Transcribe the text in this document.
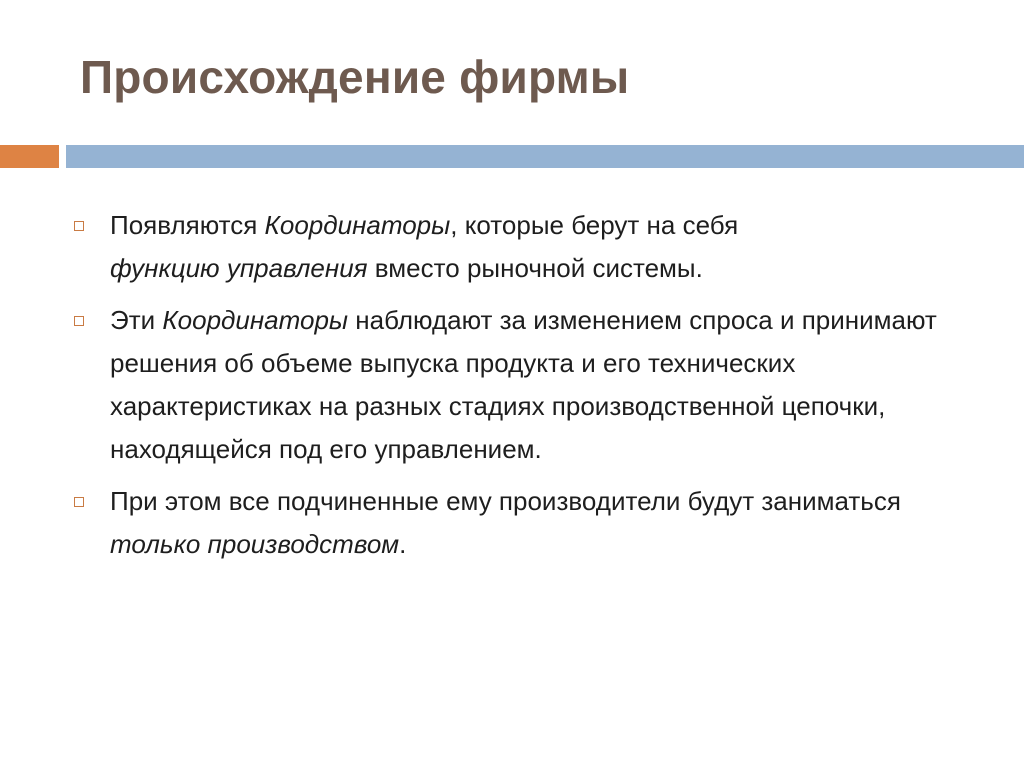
Происхождение фирмы
Появляются Координаторы, которые берут на себя
функцию управления вместо рыночной системы.
Эти Координаторы наблюдают за изменением спроса и принимают решения об объеме выпуска продукта и его технических характеристиках на разных стадиях производственной цепочки, находящейся под его управлением.
При этом все подчиненные ему производители будут заниматься только производством.
